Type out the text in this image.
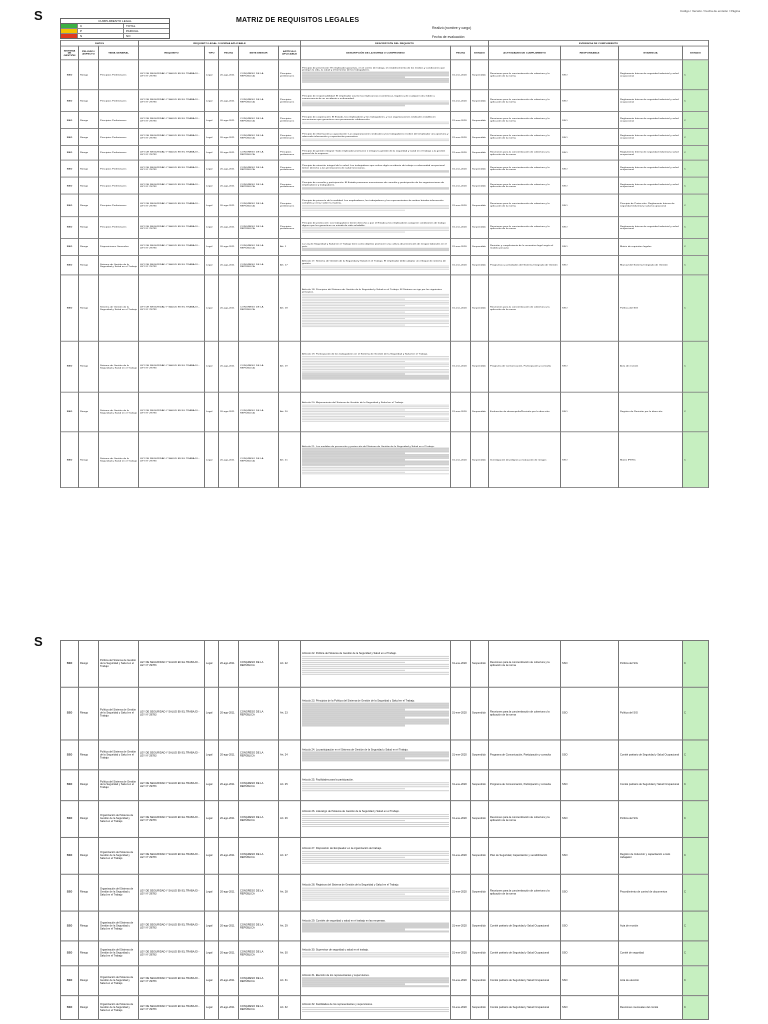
S	Código / Versión / Fecha de emisión / Página
CUMPLIMIENTO LEGAL
C	TOTAL
P	PARCIAL
N	NO
MATRIZ DE REQUISITOS LEGALES
Realizó:(nombre y cargo)
Fecha de evaluación:
DATOS			REQUISITO LEGAL O NORMA APLICABLE					DESCRIPCIÓN DEL REQUISITO			EVIDENCIA DE CUMPLIMIENTO			
SISTEMA DE GESTIÓN	PELIGRO / ASPECTO	TEMA GENERAL	REQUISITO	TIPO	FECHA	ENTE EMISOR	ARTÍCULO APLICABLE	DESCRIPCIÓN DE LA NORMA O COMPROMISO	FECHA	ESTADO	ACTIVIDADES DE CUMPLIMIENTO	RESPONSABLE	EVIDENCIA	ESTADO
SSO	Riesgo	Principios Preliminares	LEY DE SEGURIDAD Y SALUD EN EL TRABAJO - LEY N° 29783	Legal	20-ago-2011	CONGRESO DE LA REPÚBLICA	Principios preliminares	Principio de prevención: El empleador garantiza, en el centro de trabajo, el establecimiento de los medios y condiciones que protejan la vida, la salud y el bienestar de los trabajadores.	31-ene-2020	Suspendido	Reuniones para la concientización de cobertura y la aplicación de la norma	SSO	Reglamento Interno de seguridad industrial y salud ocupacional	C
SSO	Riesgo	Principios Preliminares	LEY DE SEGURIDAD Y SALUD EN EL TRABAJO - LEY N° 29783	Legal	20-ago-2011	CONGRESO DE LA REPÚBLICA	Principios preliminares	Principio de responsabilidad: El empleador asume las implicancias económicas, legales y de cualquier otra índole a consecuencia de un accidente o enfermedad.	31-ene-2020	Suspendido	Reuniones para la concientización de cobertura y la aplicación de la norma	SSO	Reglamento Interno de seguridad industrial y salud ocupacional	C
SSO	Riesgo	Principios Preliminares	LEY DE SEGURIDAD Y SALUD EN EL TRABAJO - LEY N° 29783	Legal	20-ago-2011	CONGRESO DE LA REPÚBLICA	Principios preliminares	Principio de cooperación: El Estado, los empleadores y los trabajadores, y sus organizaciones sindicales establecen mecanismos que garanticen una permanente colaboración.	31-ene-2020	Suspendido	Reuniones para la concientización de cobertura y la aplicación de la norma	SSO	Reglamento Interno de seguridad industrial y salud ocupacional	C
SSO	Riesgo	Principios Preliminares	LEY DE SEGURIDAD Y SALUD EN EL TRABAJO - LEY N° 29783	Legal	20-ago-2011	CONGRESO DE LA REPÚBLICA	Principios preliminares	Principio de información y capacitación: Las organizaciones sindicales y los trabajadores reciben del empleador una oportuna y adecuada información y capacitación preventiva.	31-ene-2020	Suspendido	Reuniones para la concientización de cobertura y la aplicación de la norma	SSO	Reglamento Interno de seguridad industrial y salud ocupacional	C
SSO	Riesgo	Principios Preliminares	LEY DE SEGURIDAD Y SALUD EN EL TRABAJO - LEY N° 29783	Legal	20-ago-2011	CONGRESO DE LA REPÚBLICA	Principios preliminares	Principio de gestión integral: Todo empleador promueve e integra la gestión de la seguridad y salud en el trabajo a la gestión general de la empresa.	31-ene-2020	Suspendido	Reuniones para la concientización de cobertura y la aplicación de la norma	SSO	Reglamento Interno de seguridad industrial y salud ocupacional	C
SSO	Riesgo	Principios Preliminares	LEY DE SEGURIDAD Y SALUD EN EL TRABAJO - LEY N° 29783	Legal	20-ago-2011	CONGRESO DE LA REPÚBLICA	Principios preliminares	Principio de atención integral de la salud: Los trabajadores que sufran algún accidente de trabajo o enfermedad ocupacional tienen derecho a las prestaciones de salud necesarias.	31-ene-2020	Suspendido	Reuniones para la concientización de cobertura y la aplicación de la norma	SSO	Reglamento Interno de seguridad industrial y salud ocupacional	C
SSO	Riesgo	Principios Preliminares	LEY DE SEGURIDAD Y SALUD EN EL TRABAJO - LEY N° 29783	Legal	20-ago-2011	CONGRESO DE LA REPÚBLICA	Principios preliminares	Principio de consulta y participación: El Estado promueve mecanismos de consulta y participación de las organizaciones de empleadores y trabajadores.	31-ene-2020	Suspendido	Reuniones para la concientización de cobertura y la aplicación de la norma	SSO	Reglamento Interno de seguridad industrial y salud ocupacional	C
SSO	Riesgo	Principios Preliminares	LEY DE SEGURIDAD Y SALUD EN EL TRABAJO - LEY N° 29783	Legal	20-ago-2011	CONGRESO DE LA REPÚBLICA	Principios preliminares	Principio de primacía de la realidad: Los empleadores, los trabajadores y los representantes de ambos brindan información completa y veraz sobre la materia.	31-ene-2020	Suspendido	Reuniones para la concientización de cobertura y la aplicación de la norma	SSO	Principio de Protección. Reglamento Interno de seguridad industrial y salud ocupacional	C
SSO	Riesgo	Principios Preliminares	LEY DE SEGURIDAD Y SALUD EN EL TRABAJO - LEY N° 29783	Legal	20-ago-2011	CONGRESO DE LA REPÚBLICA	Principios preliminares	Principio de protección: Los trabajadores tienen derecho a que el Estado y los empleadores aseguren condiciones de trabajo dignas que les garanticen un estado de vida saludable.	31-ene-2020	Suspendido	Reuniones para la concientización de cobertura y la aplicación de la norma	SSO	Reglamento Interno de seguridad industrial y salud ocupacional	C
SSO	Riesgo	Disposiciones Generales	LEY DE SEGURIDAD Y SALUD EN EL TRABAJO - LEY N° 29783	Legal	20-ago-2011	CONGRESO DE LA REPÚBLICA	Art. 1	La Ley de Seguridad y Salud en el Trabajo tiene como objetivo promover una cultura de prevención de riesgos laborales en el país.	31-ene-2020	Suspendido	Revisión y cumplimiento de la normativa legal según el modelo peruano	SSO	Matriz de requisitos legales	C
SSO	Riesgo	Sistema de Gestión de la Seguridad y Salud en el Trabajo	LEY DE SEGURIDAD Y SALUD EN EL TRABAJO - LEY N° 29783	Legal	20-ago-2011	CONGRESO DE LA REPÚBLICA	Art. 17	Artículo 17. Sistema de Gestión de la Seguridad y Salud en el Trabajo. El empleador debe adoptar un enfoque de sistema de gestión.	31-ene-2020	Suspendido	Programas y actividades del Sistema Integrado de Gestión	SSO	Manual del Sistema Integrado de Gestión	C
SSO	Riesgo	Sistema de Gestión de la Seguridad y Salud en el Trabajo	LEY DE SEGURIDAD Y SALUD EN EL TRABAJO - LEY N° 29783	Legal	20-ago-2011	CONGRESO DE LA REPÚBLICA	Art. 18	Artículo 18. Principios del Sistema de Gestión de la Seguridad y Salud en el Trabajo. El Sistema se rige por los siguientes principios.	31-ene-2020	Suspendido	Reuniones para la concientización de cobertura y la aplicación de la norma	SSO	Política del SIG	C
SSO	Riesgo	Sistema de Gestión de la Seguridad y Salud en el Trabajo	LEY DE SEGURIDAD Y SALUD EN EL TRABAJO - LEY N° 29783	Legal	20-ago-2011	CONGRESO DE LA REPÚBLICA	Art. 19	Artículo 19. Participación de los trabajadores en el Sistema de Gestión de la Seguridad y Salud en el Trabajo.	31-ene-2020	Suspendido	Programa de Comunicación, Participación y consulta	SSO	Acta de reunión	C
SSO	Riesgo	Sistema de Gestión de la Seguridad y Salud en el Trabajo	LEY DE SEGURIDAD Y SALUD EN EL TRABAJO - LEY N° 29783	Legal	20-ago-2011	CONGRESO DE LA REPÚBLICA	Art. 20	Artículo 20. Mejoramiento del Sistema de Gestión de la Seguridad y Salud en el Trabajo.	31-ene-2020	Suspendido	Evaluación de desempeño/Revisión por la dirección	SSO	Registro de Revisión por la dirección	C
SSO	Riesgo	Sistema de Gestión de la Seguridad y Salud en el Trabajo	LEY DE SEGURIDAD Y SALUD EN EL TRABAJO - LEY N° 29783	Legal	20-ago-2011	CONGRESO DE LA REPÚBLICA	Art. 21	Artículo 21. Las medidas de prevención y protección del Sistema de Gestión de la Seguridad y Salud en el Trabajo.	31-ene-2020	Suspendido	Investigación de peligros y evaluación de riesgos	SSO	Matriz IPERC	C
S
SSO	Riesgo	Política del Sistema de Gestión de la Seguridad y Salud en el Trabajo	LEY DE SEGURIDAD Y SALUD EN EL TRABAJO - LEY N° 29783	Legal	20-ago-2011	CONGRESO DE LA REPÚBLICA	Art. 22	Artículo 22. Política del Sistema de Gestión de la Seguridad y Salud en el Trabajo.	31-ene-2020	Suspendido	Reuniones para la concientización de cobertura y la aplicación de la norma	SSO	Política del SIG	C
SSO	Riesgo	Política del Sistema de Gestión de la Seguridad y Salud en el Trabajo	LEY DE SEGURIDAD Y SALUD EN EL TRABAJO - LEY N° 29783	Legal	20-ago-2011	CONGRESO DE LA REPÚBLICA	Art. 23	Artículo 23. Principios de la Política del Sistema de Gestión de la Seguridad y Salud en el Trabajo.	31-ene-2020	Suspendido	Reuniones para la concientización de cobertura y la aplicación de la norma	SSO	Política del SIG	C
SSO	Riesgo	Política del Sistema de Gestión de la Seguridad y Salud en el Trabajo	LEY DE SEGURIDAD Y SALUD EN EL TRABAJO - LEY N° 29783	Legal	20-ago-2011	CONGRESO DE LA REPÚBLICA	Art. 24	Artículo 24. La participación en el Sistema de Gestión de la Seguridad y Salud en el Trabajo.	31-ene-2020	Suspendido	Programa de Comunicación, Participación y consulta	SSO	Comité paritario de Seguridad y Salud Ocupacional	C
SSO	Riesgo	Política del Sistema de Gestión de la Seguridad y Salud en el Trabajo	LEY DE SEGURIDAD Y SALUD EN EL TRABAJO - LEY N° 29783	Legal	20-ago-2011	CONGRESO DE LA REPÚBLICA	Art. 25	Artículo 25. Facilidades para la participación.	31-ene-2020	Suspendido	Programa de Comunicación, Participación y consulta	SSO	Comité paritario de Seguridad y Salud Ocupacional	C
SSO	Riesgo	Organización del Sistema de Gestión de la Seguridad y Salud en el Trabajo	LEY DE SEGURIDAD Y SALUD EN EL TRABAJO - LEY N° 29783	Legal	20-ago-2011	CONGRESO DE LA REPÚBLICA	Art. 26	Artículo 26. Liderazgo del Sistema de Gestión de la Seguridad y Salud en el Trabajo.	31-ene-2020	Suspendido	Reuniones para la concientización de cobertura y la aplicación de la norma	SSO	Política del SIG	C
SSO	Riesgo	Organización del Sistema de Gestión de la Seguridad y Salud en el Trabajo	LEY DE SEGURIDAD Y SALUD EN EL TRABAJO - LEY N° 29783	Legal	20-ago-2011	CONGRESO DE LA REPÚBLICA	Art. 27	Artículo 27. Disposición del Empleador en la organización del trabajo.	31-ene-2020	Suspendido	Plan de Seguridad, Capacitación y sensibilización	SSO	Registro de Inducción y capacitación a todo trabajador	C
SSO	Riesgo	Organización del Sistema de Gestión de la Seguridad y Salud en el Trabajo	LEY DE SEGURIDAD Y SALUD EN EL TRABAJO - LEY N° 29783	Legal	20-ago-2011	CONGRESO DE LA REPÚBLICA	Art. 28	Artículo 28. Registros del Sistema de Gestión de la Seguridad y Salud en el Trabajo.	31-ene-2020	Suspendido	Reuniones para la concientización de cobertura y la aplicación de la norma	SSO	Procedimiento de control de documentos	C
SSO	Riesgo	Organización del Sistema de Gestión de la Seguridad y Salud en el Trabajo	LEY DE SEGURIDAD Y SALUD EN EL TRABAJO - LEY N° 29783	Legal	20-ago-2011	CONGRESO DE LA REPÚBLICA	Art. 29	Artículo 29. Comités de seguridad y salud en el trabajo en las empresas.	31-ene-2020	Suspendido	Comité paritario de Seguridad y Salud Ocupacional	SSO	Acta de reunión	C
SSO	Riesgo	Organización del Sistema de Gestión de la Seguridad y Salud en el Trabajo	LEY DE SEGURIDAD Y SALUD EN EL TRABAJO - LEY N° 29783	Legal	20-ago-2011	CONGRESO DE LA REPÚBLICA	Art. 30	Artículo 30. Supervisor de seguridad y salud en el trabajo.	31-ene-2020	Suspendido	Comité paritario de Seguridad y Salud Ocupacional	SSO	Comité de seguridad	C
SSO	Riesgo	Organización del Sistema de Gestión de la Seguridad y Salud en el Trabajo	LEY DE SEGURIDAD Y SALUD EN EL TRABAJO - LEY N° 29783	Legal	20-ago-2011	CONGRESO DE LA REPÚBLICA	Art. 31	Artículo 31. Elección de los representantes y supervisores.	31-ene-2020	Suspendido	Comité paritario de Seguridad y Salud Ocupacional	SSO	Acta de elección	C
SSO	Riesgo	Organización del Sistema de Gestión de la Seguridad y Salud en el Trabajo	LEY DE SEGURIDAD Y SALUD EN EL TRABAJO - LEY N° 29783	Legal	20-ago-2011	CONGRESO DE LA REPÚBLICA	Art. 32	Artículo 32. Facilidades de los representantes y supervisores.	31-ene-2020	Suspendido	Comité paritario de Seguridad y Salud Ocupacional	SSO	Reuniones mensuales del comité	C
